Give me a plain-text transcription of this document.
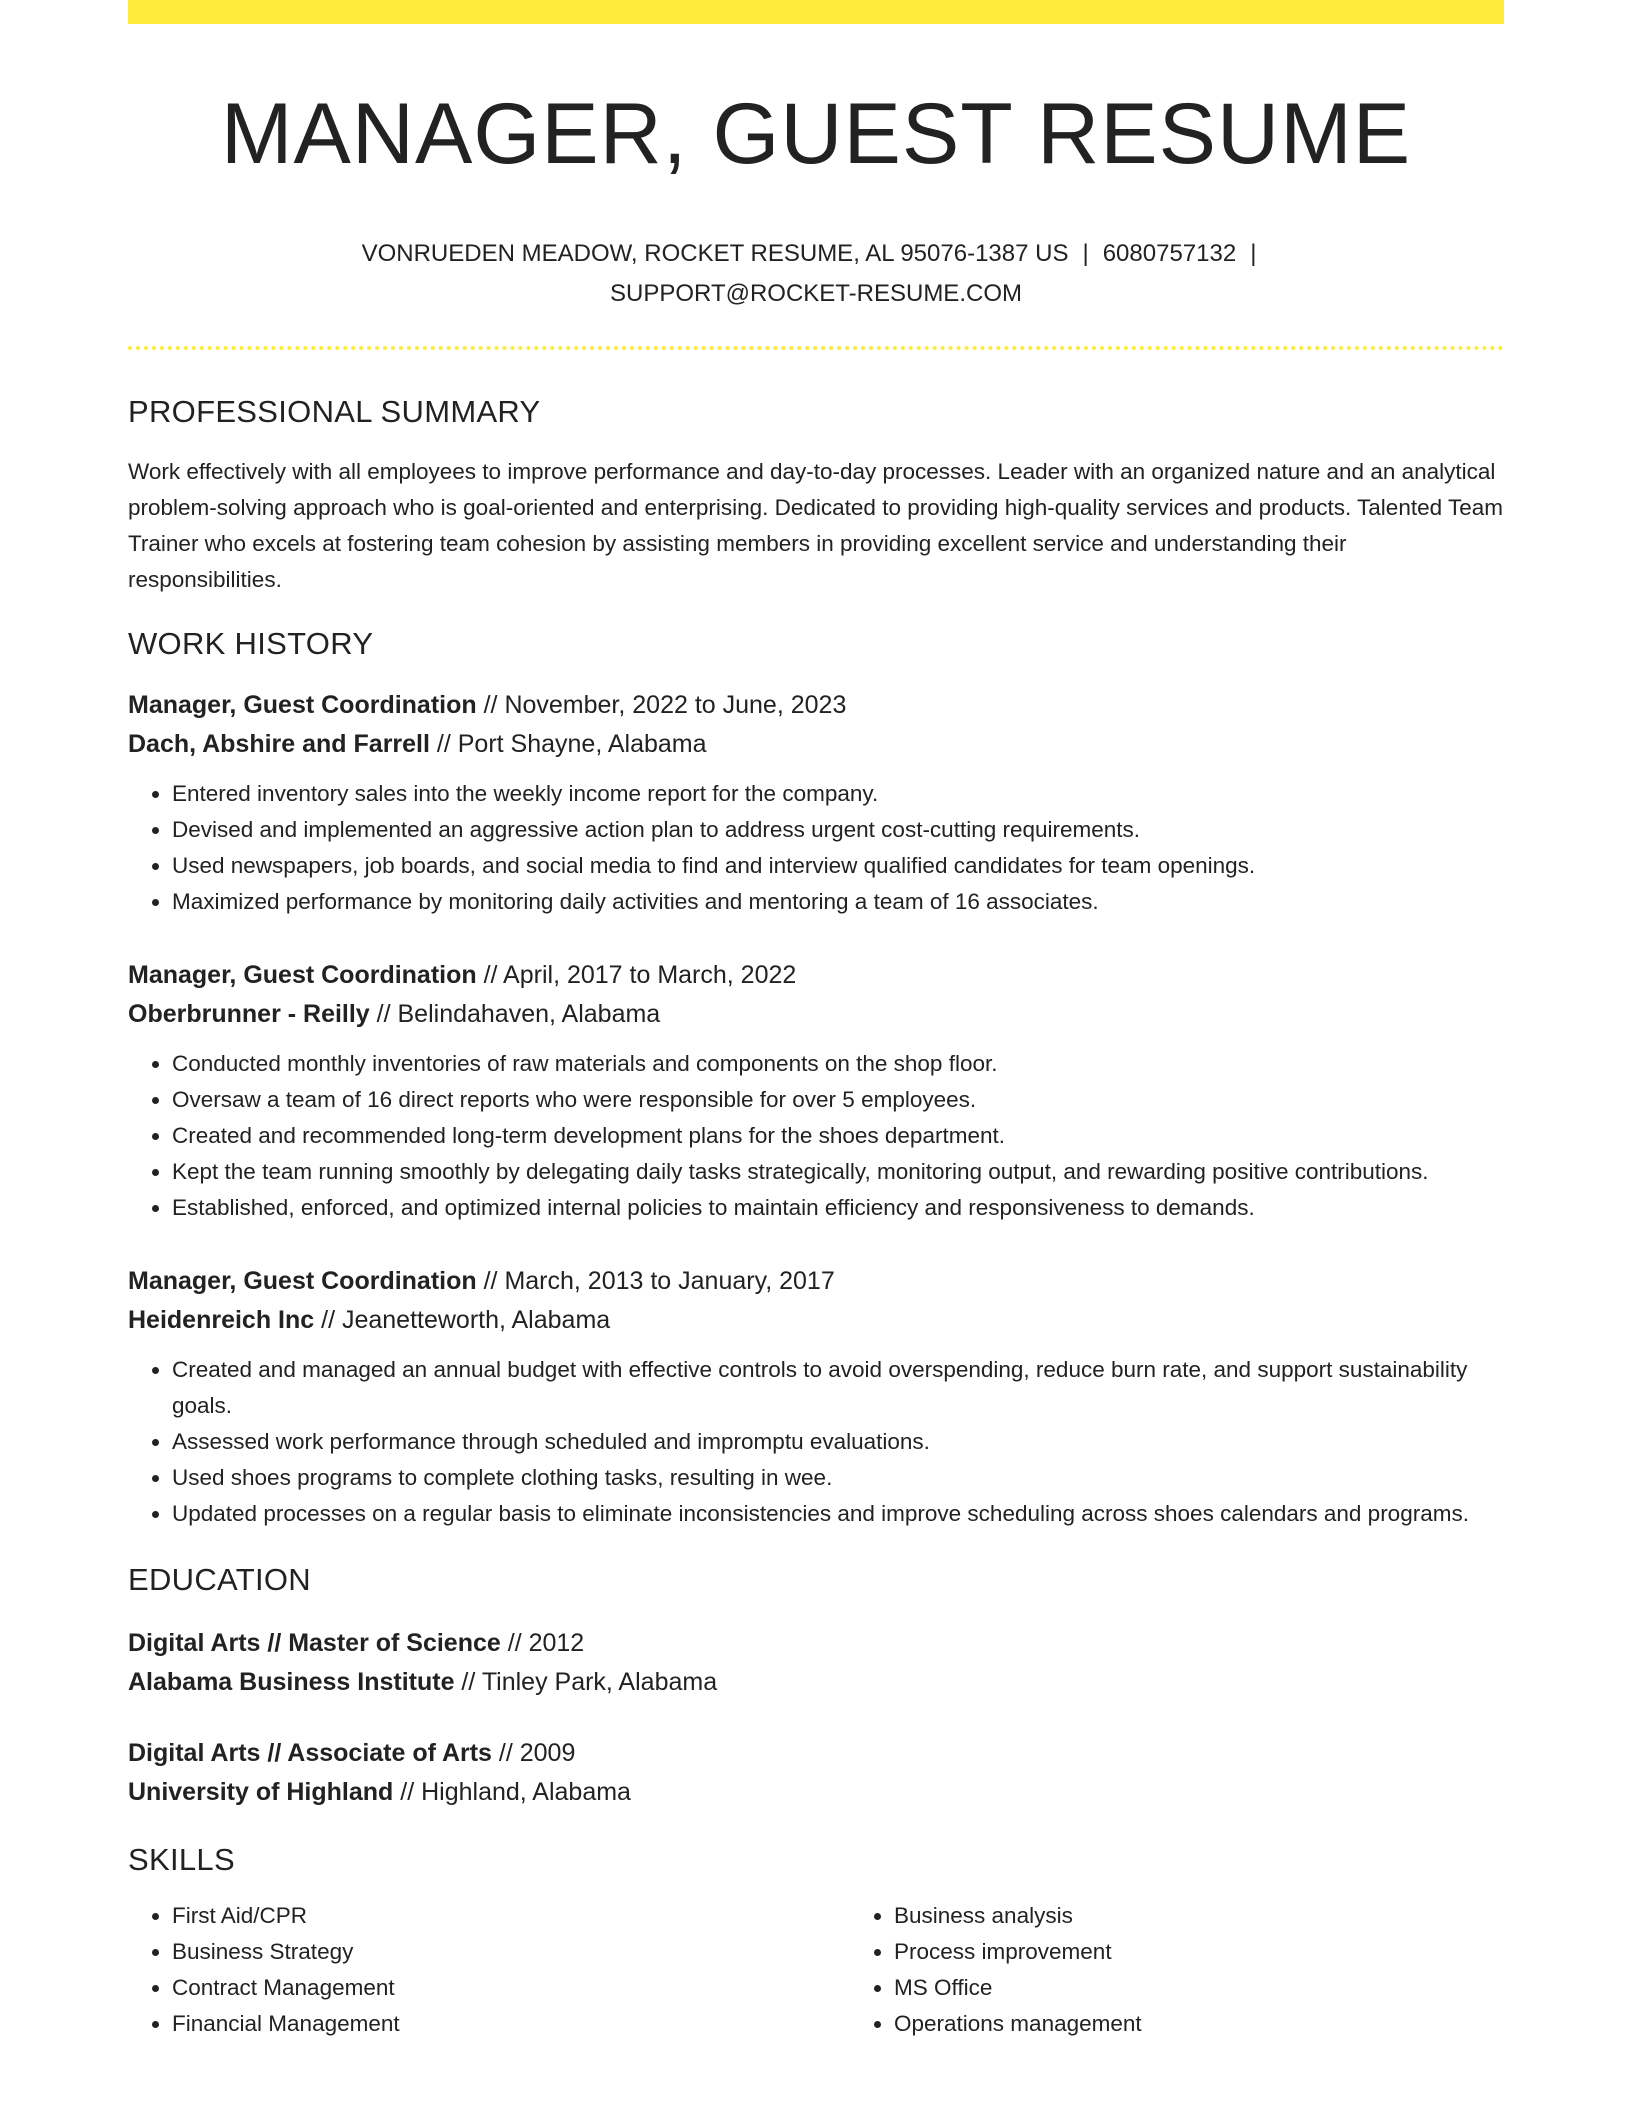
MANAGER, GUEST RESUME
VONRUEDEN MEADOW, ROCKET RESUME, AL 95076-1387 US | 6080757132 |
SUPPORT@ROCKET-RESUME.COM
PROFESSIONAL SUMMARY
Work effectively with all employees to improve performance and day-to-day processes. Leader with an organized nature and an analytical problem-solving approach who is goal-oriented and enterprising. Dedicated to providing high-quality services and products. Talented Team Trainer who excels at fostering team cohesion by assisting members in providing excellent service and understanding their responsibilities.
WORK HISTORY
Manager, Guest Coordination // November, 2022 to June, 2023
Dach, Abshire and Farrell // Port Shayne, Alabama
• Entered inventory sales into the weekly income report for the company.
• Devised and implemented an aggressive action plan to address urgent cost-cutting requirements.
• Used newspapers, job boards, and social media to find and interview qualified candidates for team openings.
• Maximized performance by monitoring daily activities and mentoring a team of 16 associates.
Manager, Guest Coordination // April, 2017 to March, 2022
Oberbrunner - Reilly // Belindahaven, Alabama
• Conducted monthly inventories of raw materials and components on the shop floor.
• Oversaw a team of 16 direct reports who were responsible for over 5 employees.
• Created and recommended long-term development plans for the shoes department.
• Kept the team running smoothly by delegating daily tasks strategically, monitoring output, and rewarding positive contributions.
• Established, enforced, and optimized internal policies to maintain efficiency and responsiveness to demands.
Manager, Guest Coordination // March, 2013 to January, 2017
Heidenreich Inc // Jeanetteworth, Alabama
• Created and managed an annual budget with effective controls to avoid overspending, reduce burn rate, and support sustainability goals.
• Assessed work performance through scheduled and impromptu evaluations.
• Used shoes programs to complete clothing tasks, resulting in wee.
• Updated processes on a regular basis to eliminate inconsistencies and improve scheduling across shoes calendars and programs.
EDUCATION
Digital Arts // Master of Science // 2012
Alabama Business Institute // Tinley Park, Alabama
Digital Arts // Associate of Arts // 2009
University of Highland // Highland, Alabama
SKILLS
• First Aid/CPR
• Business Strategy
• Contract Management
• Financial Management
• Business analysis
• Process improvement
• MS Office
• Operations management
